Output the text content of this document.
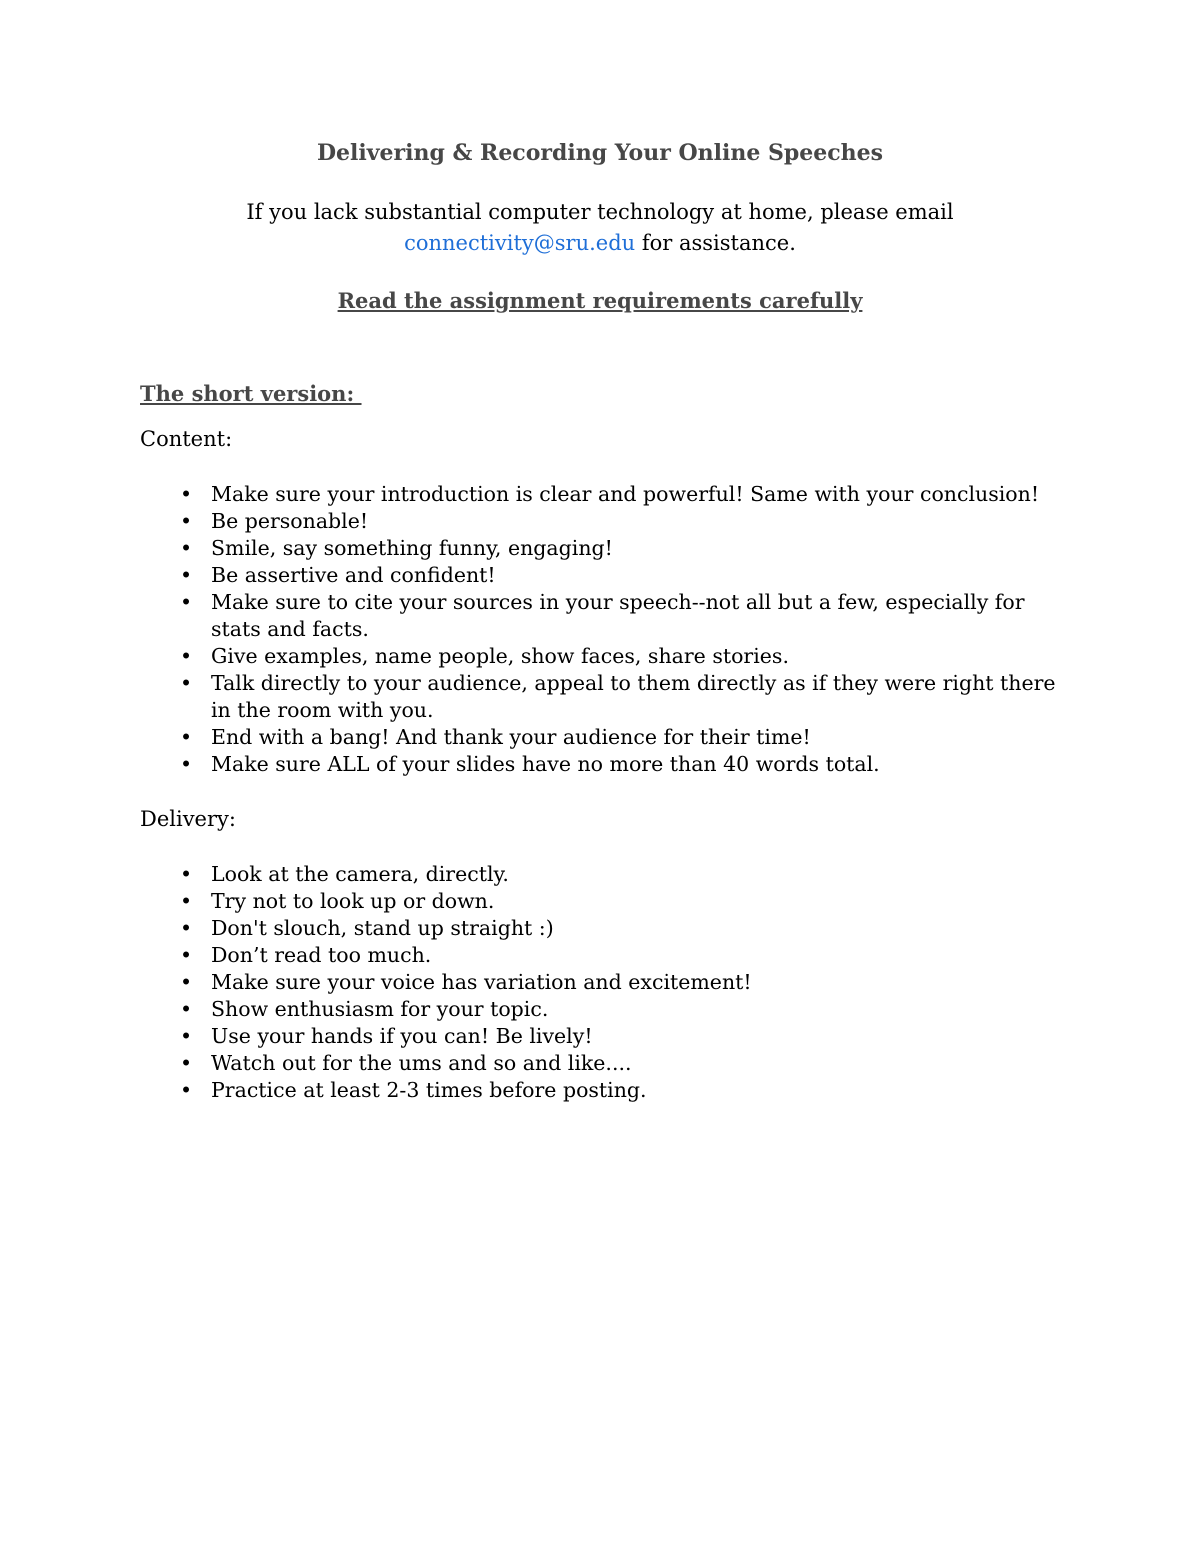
Delivering & Recording Your Online Speeches

If you lack substantial computer technology at home, please email connectivity@sru.edu for assistance.

Read the assignment requirements carefully

The short version:

Content:

• Make sure your introduction is clear and powerful! Same with your conclusion!
• Be personable!
• Smile, say something funny, engaging!
• Be assertive and confident!
• Make sure to cite your sources in your speech--not all but a few, especially for stats and facts.
• Give examples, name people, show faces, share stories.
• Talk directly to your audience, appeal to them directly as if they were right there in the room with you.
• End with a bang! And thank your audience for their time!
• Make sure ALL of your slides have no more than 40 words total.

Delivery:

• Look at the camera, directly.
• Try not to look up or down.
• Don't slouch, stand up straight :)
• Don’t read too much.
• Make sure your voice has variation and excitement!
• Show enthusiasm for your topic.
• Use your hands if you can! Be lively!
• Watch out for the ums and so and like....
• Practice at least 2-3 times before posting.
